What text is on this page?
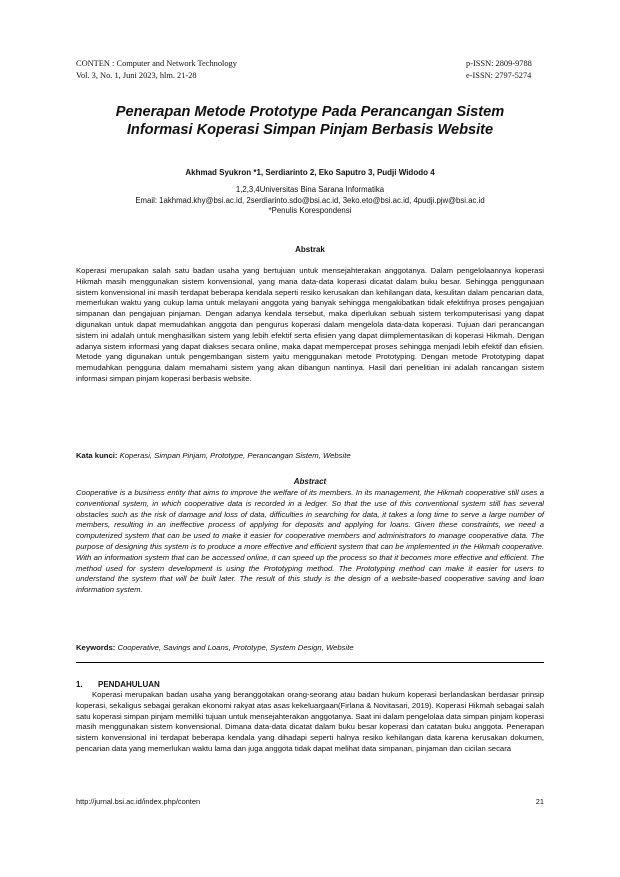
CONTEN : Computer and Network Technology
Vol. 3, No. 1, Juni 2023, hlm. 21-28
p-ISSN: 2809-9788
e-ISSN: 2797-5274
Penerapan Metode Prototype Pada Perancangan Sistem
Informasi Koperasi Simpan Pinjam Berbasis Website
Akhmad Syukron *1, Serdiarinto 2, Eko Saputro 3, Pudji Widodo 4
1,2,3,4Universitas Bina Sarana Informatika
Email: 1akhmad.khy@bsi.ac.id, 2serdiarinto.sdo@bsi.ac.id, 3eko.eto@bsi.ac.id, 4pudji.pjw@bsi.ac.id
*Penulis Korespondensi
Abstrak

Koperasi merupakan salah satu badan usaha yang bertujuan untuk mensejahterakan anggotanya. Dalam pengelolaannya koperasi Hikmah masih menggunakan sistem konvensional, yang mana data-data koperasi dicatat dalam buku besar. Sehingga penggunaan sistem konvensional ini masih terdapat beberapa kendala seperti resiko kerusakan dan kehilangan data, kesulitan dalam pencarian data, memerlukan waktu yang cukup lama untuk melayani anggota yang banyak sehingga mengakibatkan tidak efektifnya proses pengajuan simpanan dan pengajuan pinjaman. Dengan adanya kendala tersebut, maka diperlukan sebuah sistem terkomputerisasi yang dapat digunakan untuk dapat memudahkan anggota dan pengurus koperasi dalam mengelola data-data koperasi. Tujuan dari perancangan sistem ini adalah untuk menghasilkan sistem yang lebih efektif serta efisien yang dapat diimplementasikan di koperasi Hikmah. Dengan adanya sistem informasi yang dapat diakses secara online, maka dapat mempercepat proses sehingga menjadi lebih efektif dan efisien. Metode yang digunakan untuk pengembangan sistem yaitu menggunakan metode Prototyping. Dengan metode Prototyping dapat memudahkan pengguna dalam memahami sistem yang akan dibangun nantinya. Hasil dari penelitian ini adalah rancangan sistem informasi simpan pinjam koperasi berbasis website.

Kata kunci: Koperasi, Simpan Pinjam, Prototype, Perancangan Sistem, Website
Abstract

Cooperative is a business entity that aims to improve the welfare of its members. In its management, the Hikmah cooperative still uses a conventional system, in which cooperative data is recorded in a ledger. So that the use of this conventional system still has several obstacles such as the risk of damage and loss of data, difficulties in searching for data, it takes a long time to serve a large number of members, resulting in an ineffective process of applying for deposits and applying for loans. Given these constraints, we need a computerized system that can be used to make it easier for cooperative members and administrators to manage cooperative data. The purpose of designing this system is to produce a more effective and efficient system that can be implemented in the Hikmah cooperative. With an information system that can be accessed online, it can speed up the process so that it becomes more effective and efficient. The method used for system development is using the Prototyping method. The Prototyping method can make it easier for users to understand the system that will be built later. The result of this study is the design of a website-based cooperative saving and loan information system.

Keywords: Cooperative, Savings and Loans, Prototype, System Design, Website
1. PENDAHULUAN

Koperasi merupakan badan usaha yang beranggotakan orang-seorang atau badan hukum koperasi berlandaskan berdasar prinsip koperasi, sekaligus sebagai gerakan ekonomi rakyat atas asas kekeluargaan(Firlana & Novitasari, 2019). Koperasi Hikmah sebagai salah satu koperasi simpan pinjam memiliki tujuan untuk mensejahterakan anggotanya. Saat ini dalam pengelolaa data simpan pinjam koperasi masih menggunakan sistem konvensional. Dimana data-data dicatat dalam buku besar koperasi dan catatan buku anggota. Penerapan sistem konvensional ini terdapat beberapa kendala yang dihadapi seperti halnya resiko kehilangan data karena kerusakan dokumen, pencarian data yang memerlukan waktu lama dan juga anggota tidak dapat melihat data simpanan, pinjaman dan cicilan secara

http://jurnal.bsi.ac.id/index.php/conten	21
